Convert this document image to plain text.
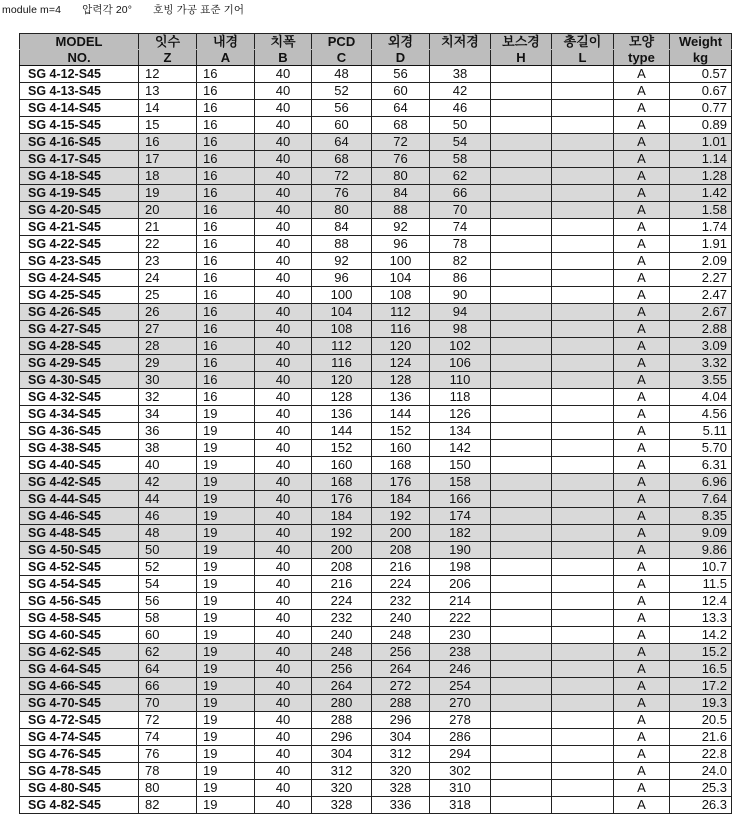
module m=4 압력각 20° 호빙 가공 표준 기어
MODEL	잇수	내경	치폭	PCD	외경	치저경	보스경	총길이	모양	Weight
NO.	Z	A	B	C	D		H	L	type	kg
SG 4-12-S45	12	16	40	48	56	38			A	0.57
SG 4-13-S45	13	16	40	52	60	42			A	0.67
SG 4-14-S45	14	16	40	56	64	46			A	0.77
SG 4-15-S45	15	16	40	60	68	50			A	0.89
SG 4-16-S45	16	16	40	64	72	54			A	1.01
SG 4-17-S45	17	16	40	68	76	58			A	1.14
SG 4-18-S45	18	16	40	72	80	62			A	1.28
SG 4-19-S45	19	16	40	76	84	66			A	1.42
SG 4-20-S45	20	16	40	80	88	70			A	1.58
SG 4-21-S45	21	16	40	84	92	74			A	1.74
SG 4-22-S45	22	16	40	88	96	78			A	1.91
SG 4-23-S45	23	16	40	92	100	82			A	2.09
SG 4-24-S45	24	16	40	96	104	86			A	2.27
SG 4-25-S45	25	16	40	100	108	90			A	2.47
SG 4-26-S45	26	16	40	104	112	94			A	2.67
SG 4-27-S45	27	16	40	108	116	98			A	2.88
SG 4-28-S45	28	16	40	112	120	102			A	3.09
SG 4-29-S45	29	16	40	116	124	106			A	3.32
SG 4-30-S45	30	16	40	120	128	110			A	3.55
SG 4-32-S45	32	16	40	128	136	118			A	4.04
SG 4-34-S45	34	19	40	136	144	126			A	4.56
SG 4-36-S45	36	19	40	144	152	134			A	5.11
SG 4-38-S45	38	19	40	152	160	142			A	5.70
SG 4-40-S45	40	19	40	160	168	150			A	6.31
SG 4-42-S45	42	19	40	168	176	158			A	6.96
SG 4-44-S45	44	19	40	176	184	166			A	7.64
SG 4-46-S45	46	19	40	184	192	174			A	8.35
SG 4-48-S45	48	19	40	192	200	182			A	9.09
SG 4-50-S45	50	19	40	200	208	190			A	9.86
SG 4-52-S45	52	19	40	208	216	198			A	10.7
SG 4-54-S45	54	19	40	216	224	206			A	11.5
SG 4-56-S45	56	19	40	224	232	214			A	12.4
SG 4-58-S45	58	19	40	232	240	222			A	13.3
SG 4-60-S45	60	19	40	240	248	230			A	14.2
SG 4-62-S45	62	19	40	248	256	238			A	15.2
SG 4-64-S45	64	19	40	256	264	246			A	16.5
SG 4-66-S45	66	19	40	264	272	254			A	17.2
SG 4-70-S45	70	19	40	280	288	270			A	19.3
SG 4-72-S45	72	19	40	288	296	278			A	20.5
SG 4-74-S45	74	19	40	296	304	286			A	21.6
SG 4-76-S45	76	19	40	304	312	294			A	22.8
SG 4-78-S45	78	19	40	312	320	302			A	24.0
SG 4-80-S45	80	19	40	320	328	310			A	25.3
SG 4-82-S45	82	19	40	328	336	318			A	26.3
